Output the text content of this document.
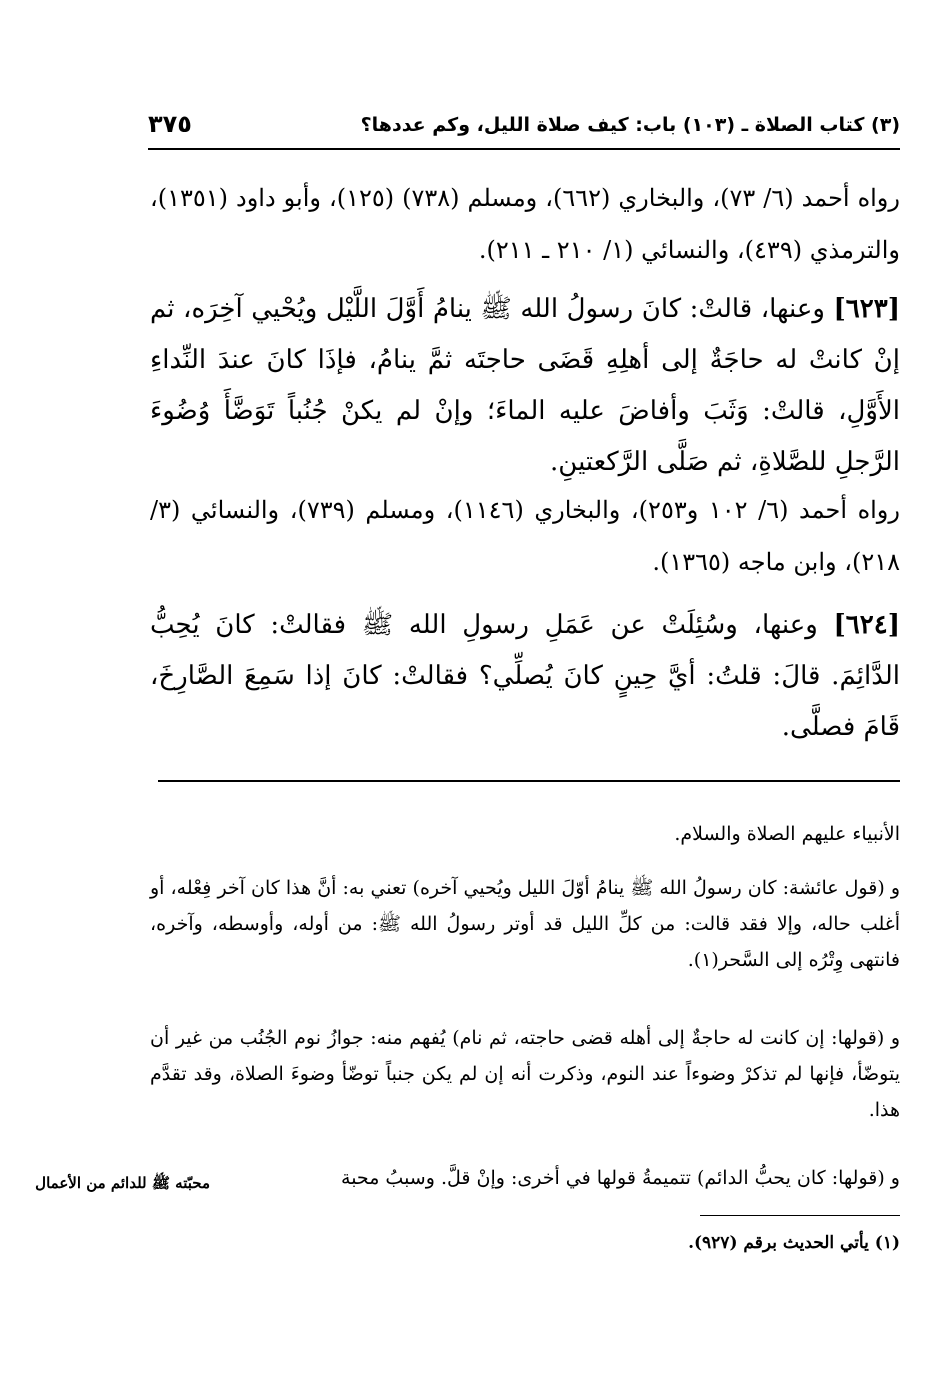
(٣) كتاب الصلاة ـ (١٠٣) باب: كيف صلاة الليل، وكم عددها؟
٣٧٥

رواه أحمد (٦/ ٧٣)، والبخاري (٦٦٢)، ومسلم (٧٣٨) (١٢٥)، وأبو داود (١٣٥١)، والترمذي (٤٣٩)، والنسائي (١/ ٢١٠ ـ ٢١١).

[٦٢٣] وعنها، قالتْ: كانَ رسولُ الله ﷺ ينامُ أَوَّلَ اللَّيْل ويُحْيي آخِرَه، ثم إنْ كانتْ له حاجَةٌ إلى أهلِهِ قَضَى حاجتَه ثمَّ ينامُ، فإذَا كانَ عندَ النِّداءِ الأَوَّلِ، قالتْ: وَثَبَ وأفاضَ عليه الماءَ؛ وإنْ لم يكنْ جُنُباً تَوَضَّأَ وُضُوءَ الرَّجلِ للصَّلاةِ، ثم صَلَّى الرَّكعتينِ.

رواه أحمد (٦/ ١٠٢ و٢٥٣)، والبخاري (١١٤٦)، ومسلم (٧٣٩)، والنسائي (٣/ ٢١٨)، وابن ماجه (١٣٦٥).

[٦٢٤] وعنها، وسُئِلَتْ عن عَمَلِ رسولِ الله ﷺ فقالتْ: كانَ يُحِبُّ الدَّائِمَ. قالَ: قلتُ: أيَّ حِينٍ كانَ يُصلِّي؟ فقالتْ: كانَ إذا سَمِعَ الصَّارِخَ، قَامَ فصلَّى.

الأنبياء عليهم الصلاة والسلام.

و (قول عائشة: كان رسولُ الله ﷺ ينامُ أوّلَ الليل ويُحيي آخره) تعني به: أنَّ هذا كان آخر فِعْله، أو أغلب حاله، وإلا فقد قالت: من كلِّ الليل قد أوتر رسولُ الله ﷺ: من أوله، وأوسطه، وآخره، فانتهى وِتْرُه إلى السَّحر(١).

و (قولها: إن كانت له حاجةٌ إلى أهله قضى حاجته، ثم نام) يُفهم منه: جوازُ نوم الجُنُب من غير أن يتوضّأ، فإنها لم تذكرْ وضوءاً عند النوم، وذكرت أنه إن لم يكن جنباً توضّأ وضوءَ الصلاة، وقد تقدَّم هذا.

و (قولها: كان يحبُّ الدائم) تتميمةُ قولها في أخرى: وإنْ قلَّ. وسببُ محبة

محبّته ﷺ للدائم من الأعمال

(١) يأتي الحديث برقم (٩٢٧).
